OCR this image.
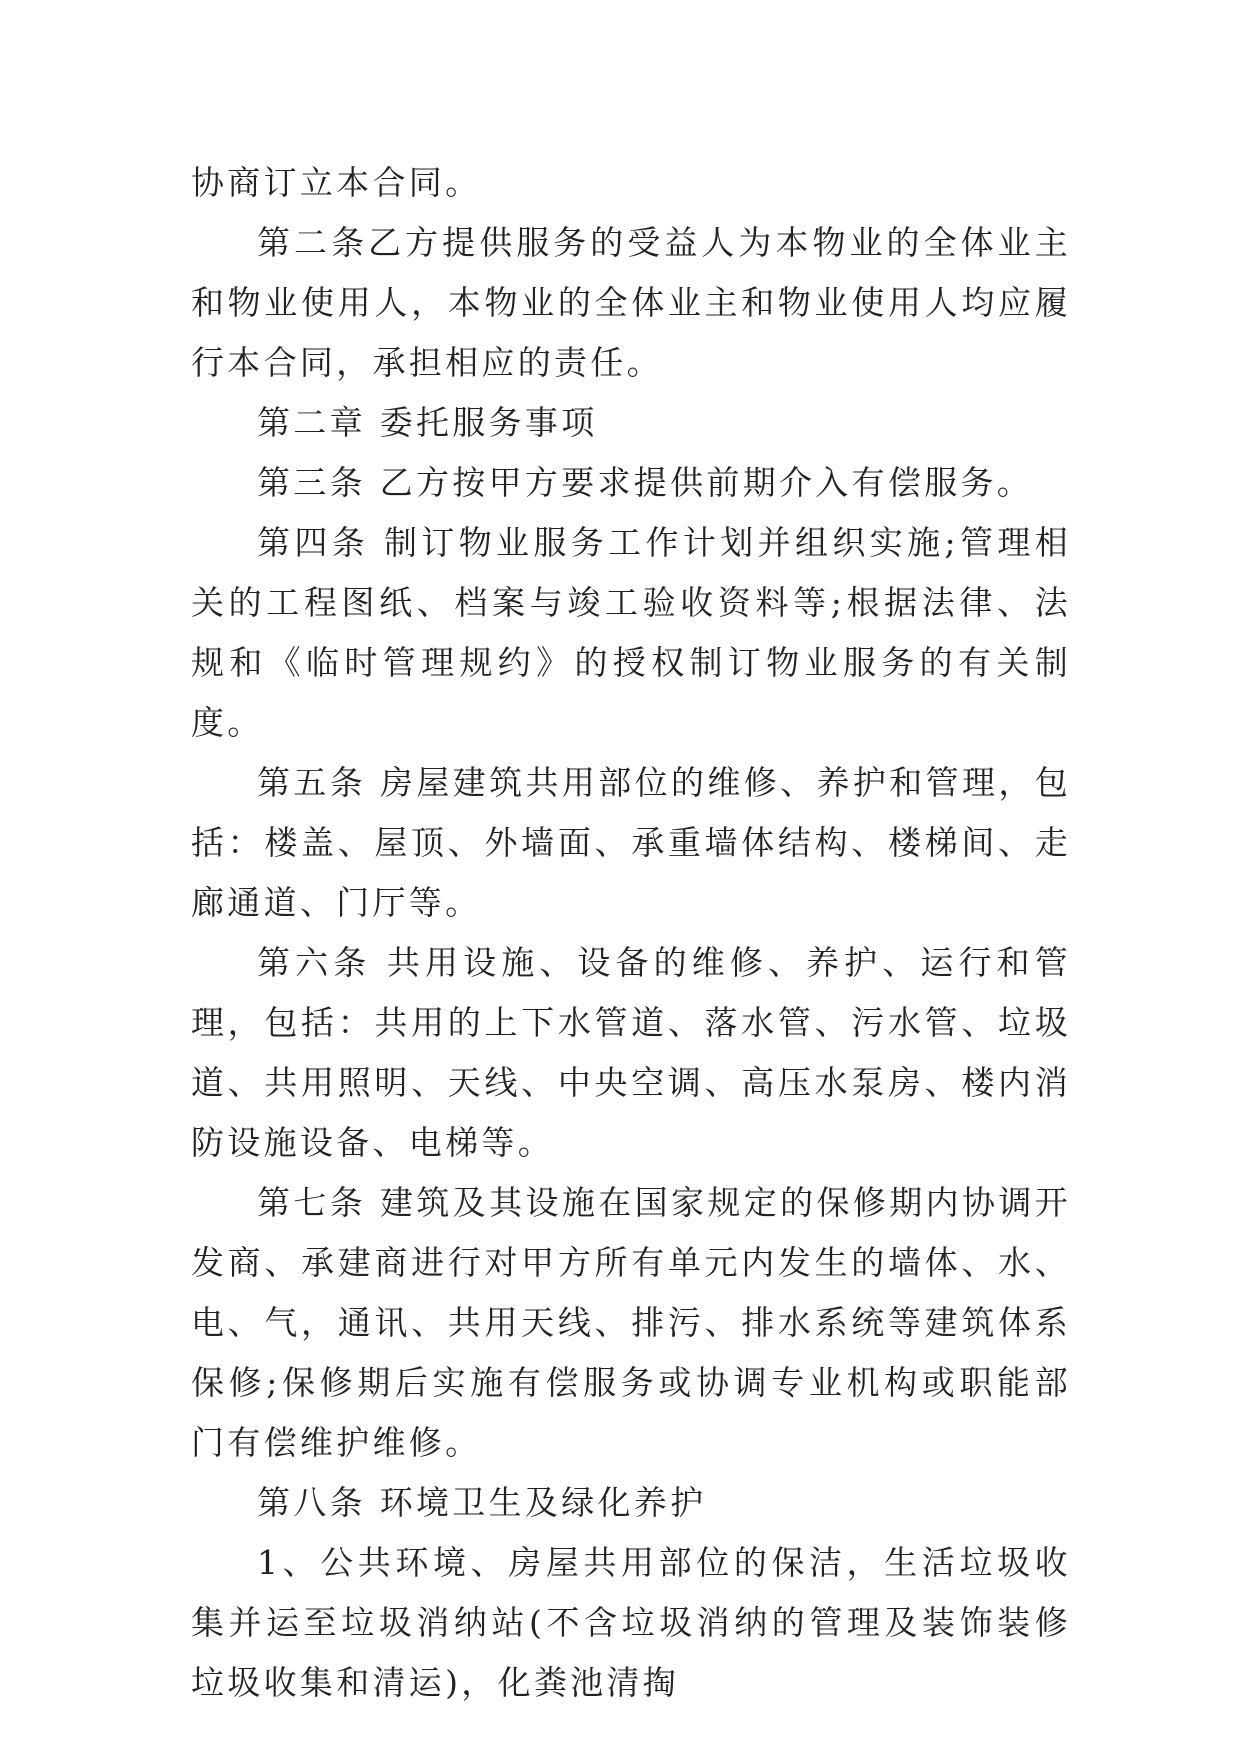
协商订立本合同。

第二条乙方提供服务的受益人为本物业的全体业主和物业使用人，本物业的全体业主和物业使用人均应履行本合同，承担相应的责任。

第二章 委托服务事项

第三条 乙方按甲方要求提供前期介入有偿服务。

第四条 制订物业服务工作计划并组织实施;管理相关的工程图纸、档案与竣工验收资料等;根据法律、法规和《临时管理规约》的授权制订物业服务的有关制度。

第五条 房屋建筑共用部位的维修、养护和管理，包括：楼盖、屋顶、外墙面、承重墙体结构、楼梯间、走廊通道、门厅等。

第六条 共用设施、设备的维修、养护、运行和管理，包括：共用的上下水管道、落水管、污水管、垃圾道、共用照明、天线、中央空调、高压水泵房、楼内消防设施设备、电梯等。

第七条 建筑及其设施在国家规定的保修期内协调开发商、承建商进行对甲方所有单元内发生的墙体、水、电、气，通讯、共用天线、排污、排水系统等建筑体系保修;保修期后实施有偿服务或协调专业机构或职能部门有偿维护维修。

第八条 环境卫生及绿化养护

1、公共环境、房屋共用部位的保洁，生活垃圾收集并运至垃圾消纳站(不含垃圾消纳的管理及装饰装修垃圾收集和清运)，化粪池清掏
